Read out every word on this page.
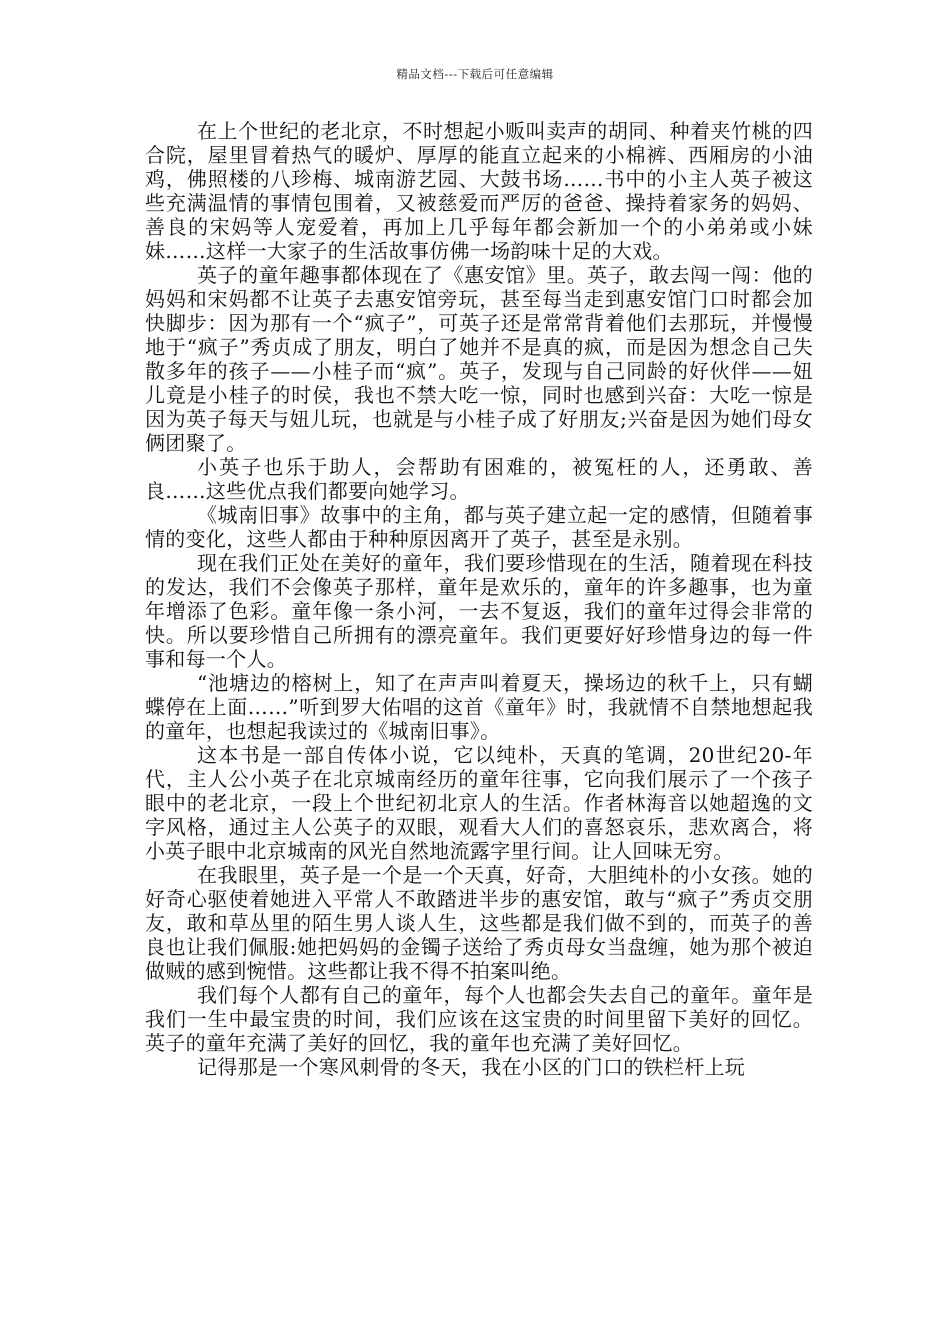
精品文档---下载后可任意编辑

在上个世纪的老北京，不时想起小贩叫卖声的胡同、种着夹竹桃的四合院，屋里冒着热气的暖炉、厚厚的能直立起来的小棉裤、西厢房的小油鸡，佛照楼的八珍梅、城南游艺园、大鼓书场……书中的小主人英子被这些充满温情的事情包围着，又被慈爱而严厉的爸爸、操持着家务的妈妈、善良的宋妈等人宠爱着，再加上几乎每年都会新加一个的小弟弟或小妹妹……这样一大家子的生活故事仿佛一场韵味十足的大戏。

英子的童年趣事都体现在了《惠安馆》里。英子，敢去闯一闯：他的妈妈和宋妈都不让英子去惠安馆旁玩，甚至每当走到惠安馆门口时都会加快脚步：因为那有一个“疯子”，可英子还是常常背着他们去那玩，并慢慢地于“疯子”秀贞成了朋友，明白了她并不是真的疯，而是因为想念自己失散多年的孩子——小桂子而“疯”。英子，发现与自己同龄的好伙伴——妞儿竟是小桂子的时侯，我也不禁大吃一惊，同时也感到兴奋：大吃一惊是因为英子每天与妞儿玩，也就是与小桂子成了好朋友;兴奋是因为她们母女俩团聚了。

小英子也乐于助人，会帮助有困难的，被冤枉的人，还勇敢、善良……这些优点我们都要向她学习。

《城南旧事》故事中的主角，都与英子建立起一定的感情，但随着事情的变化，这些人都由于种种原因离开了英子，甚至是永别。

现在我们正处在美好的童年，我们要珍惜现在的生活，随着现在科技的发达，我们不会像英子那样，童年是欢乐的，童年的许多趣事，也为童年增添了色彩。童年像一条小河，一去不复返，我们的童年过得会非常的快。所以要珍惜自己所拥有的漂亮童年。我们更要好好珍惜身边的每一件事和每一个人。

“池塘边的榕树上，知了在声声叫着夏天，操场边的秋千上，只有蝴蝶停在上面……”听到罗大佑唱的这首《童年》时，我就情不自禁地想起我的童年，也想起我读过的《城南旧事》。

这本书是一部自传体小说，它以纯朴，天真的笔调，20世纪20-年代，主人公小英子在北京城南经历的童年往事，它向我们展示了一个孩子眼中的老北京，一段上个世纪初北京人的生活。作者林海音以她超逸的文字风格，通过主人公英子的双眼，观看大人们的喜怒哀乐，悲欢离合，将小英子眼中北京城南的风光自然地流露字里行间。让人回味无穷。

在我眼里，英子是一个是一个天真，好奇，大胆纯朴的小女孩。她的好奇心驱使着她进入平常人不敢踏进半步的惠安馆，敢与“疯子”秀贞交朋友，敢和草丛里的陌生男人谈人生，这些都是我们做不到的，而英子的善良也让我们佩服:她把妈妈的金镯子送给了秀贞母女当盘缠，她为那个被迫做贼的感到惋惜。这些都让我不得不拍案叫绝。

我们每个人都有自己的童年，每个人也都会失去自己的童年。童年是我们一生中最宝贵的时间，我们应该在这宝贵的时间里留下美好的回忆。英子的童年充满了美好的回忆，我的童年也充满了美好回忆。

记得那是一个寒风刺骨的冬天，我在小区的门口的铁栏杆上玩
